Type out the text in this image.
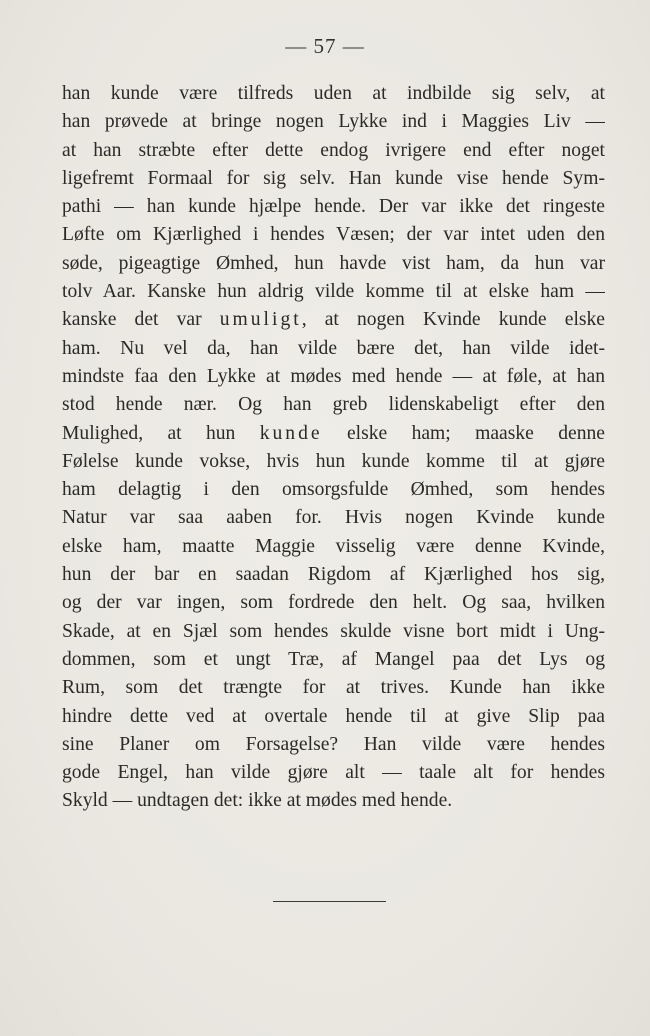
— 57 —
han kunde være tilfreds uden at indbilde sig selv, at
han prøvede at bringe nogen Lykke ind i Maggies Liv —
at han stræbte efter dette endog ivrigere end efter noget
ligefremt Formaal for sig selv. Han kunde vise hende Sym-
pathi — han kunde hjælpe hende. Der var ikke det ringeste
Løfte om Kjærlighed i hendes Væsen; der var intet uden den
søde, pigeagtige Ømhed, hun havde vist ham, da hun var
tolv Aar. Kanske hun aldrig vilde komme til at elske ham —
kanske det var umuligt, at nogen Kvinde kunde elske
ham. Nu vel da, han vilde bære det, han vilde idet-
mindste faa den Lykke at mødes med hende — at føle, at han
stod hende nær. Og han greb lidenskabeligt efter den
Mulighed, at hun kunde elske ham; maaske denne
Følelse kunde vokse, hvis hun kunde komme til at gjøre
ham delagtig i den omsorgsfulde Ømhed, som hendes
Natur var saa aaben for. Hvis nogen Kvinde kunde
elske ham, maatte Maggie visselig være denne Kvinde,
hun der bar en saadan Rigdom af Kjærlighed hos sig,
og der var ingen, som fordrede den helt. Og saa, hvilken
Skade, at en Sjæl som hendes skulde visne bort midt i Ung-
dommen, som et ungt Træ, af Mangel paa det Lys og
Rum, som det trængte for at trives. Kunde han ikke
hindre dette ved at overtale hende til at give Slip paa
sine Planer om Forsagelse? Han vilde være hendes
gode Engel, han vilde gjøre alt — taale alt for hendes
Skyld — undtagen det: ikke at mødes med hende.
